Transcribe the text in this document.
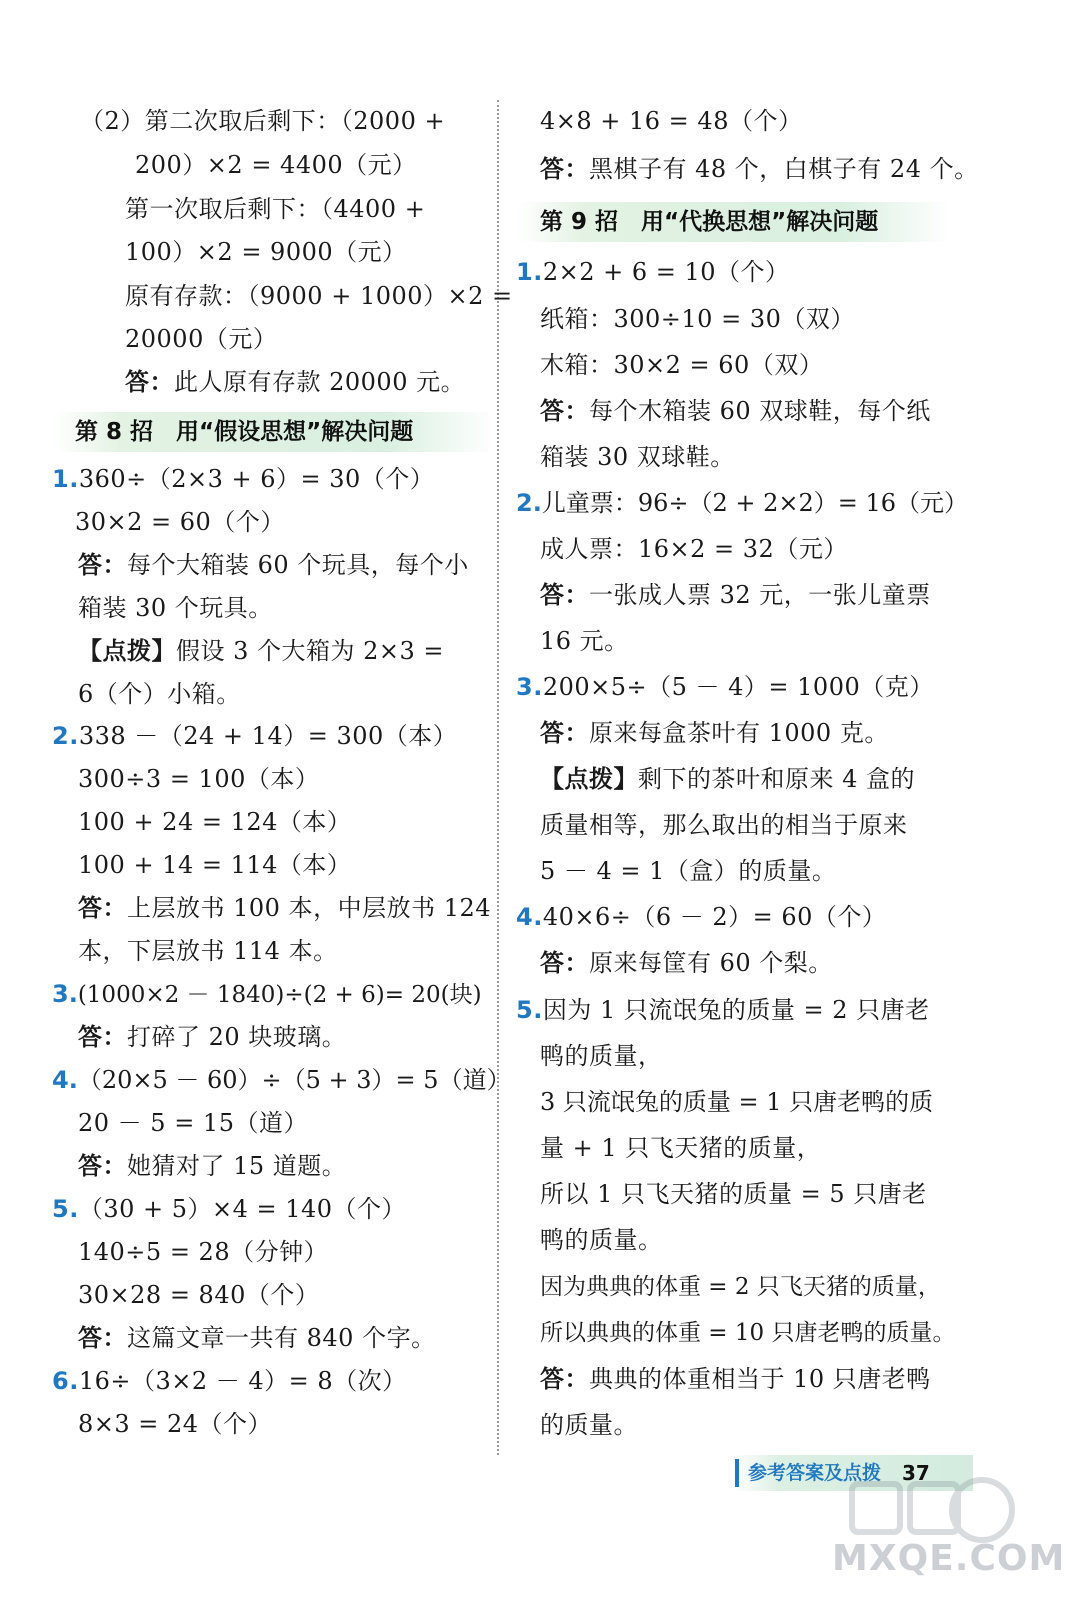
（2）第二次取后剩下：（2000 +
200）×2 = 4400（元）
第一次取后剩下：（4400 +
100）×2 = 9000（元）
原有存款：（9000 + 1000）×2 =
20000（元）
答：此人原有存款 20000 元。
第 8 招　用“假设思想”解决问题
1.360÷（2×3 + 6）= 30（个）
30×2 = 60（个）
答：每个大箱装 60 个玩具，每个小
箱装 30 个玩具。
【点拨】假设 3 个大箱为 2×3 =
6（个）小箱。
2.338 －（24 + 14）= 300（本）
300÷3 = 100（本）
100 + 24 = 124（本）
100 + 14 = 114（本）
答：上层放书 100 本，中层放书 124
本，下层放书 114 本。
3.(1000×2 － 1840)÷(2 + 6)= 20(块)
答：打碎了 20 块玻璃。
4.（20×5 － 60）÷（5 + 3）= 5（道）
20 － 5 = 15（道）
答：她猜对了 15 道题。
5.（30 + 5）×4 = 140（个）
140÷5 = 28（分钟）
30×28 = 840（个）
答：这篇文章一共有 840 个字。
6.16÷（3×2 － 4）= 8（次）
8×3 = 24（个）
4×8 + 16 = 48（个）
答：黑棋子有 48 个，白棋子有 24 个。
第 9 招　用“代换思想”解决问题
1.2×2 + 6 = 10（个）
纸箱：300÷10 = 30（双）
木箱：30×2 = 60（双）
答：每个木箱装 60 双球鞋，每个纸
箱装 30 双球鞋。
2.儿童票：96÷（2 + 2×2）= 16（元）
成人票：16×2 = 32（元）
答：一张成人票 32 元，一张儿童票
16 元。
3.200×5÷（5 － 4）= 1000（克）
答：原来每盒茶叶有 1000 克。
【点拨】剩下的茶叶和原来 4 盒的
质量相等，那么取出的相当于原来
5 － 4 = 1（盒）的质量。
4.40×6÷（6 － 2）= 60（个）
答：原来每筐有 60 个梨。
5.因为 1 只流氓兔的质量 = 2 只唐老
鸭的质量，
3 只流氓兔的质量 = 1 只唐老鸭的质
量 + 1 只飞天猪的质量，
所以 1 只飞天猪的质量 = 5 只唐老
鸭的质量。
因为典典的体重 = 2 只飞天猪的质量，
所以典典的体重 = 10 只唐老鸭的质量。
答：典典的体重相当于 10 只唐老鸭
的质量。
参考答案及点拨 37
MXQE.COM
